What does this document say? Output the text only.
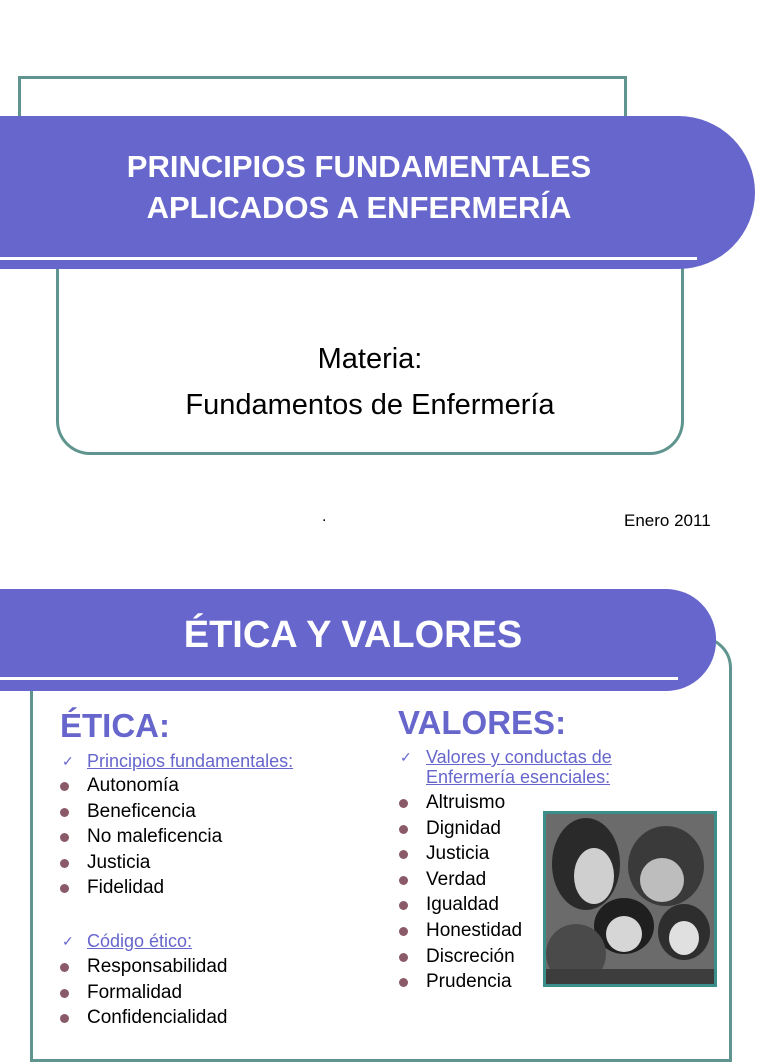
PRINCIPIOS FUNDAMENTALES
APLICADOS A ENFERMERÍA
Materia:
Fundamentos de Enfermería
.	Enero 2011
ÉTICA Y VALORES
ÉTICA:
✓ Principios fundamentales:
Autonomía
Beneficencia
No maleficencia
Justicia
Fidelidad
✓ Código ético:
Responsabilidad
Formalidad
Confidencialidad
VALORES:
✓ Valores y conductas de
Enfermería esenciales:
Altruismo
Dignidad
Justicia
Verdad
Igualdad
Honestidad
Discreción
Prudencia
